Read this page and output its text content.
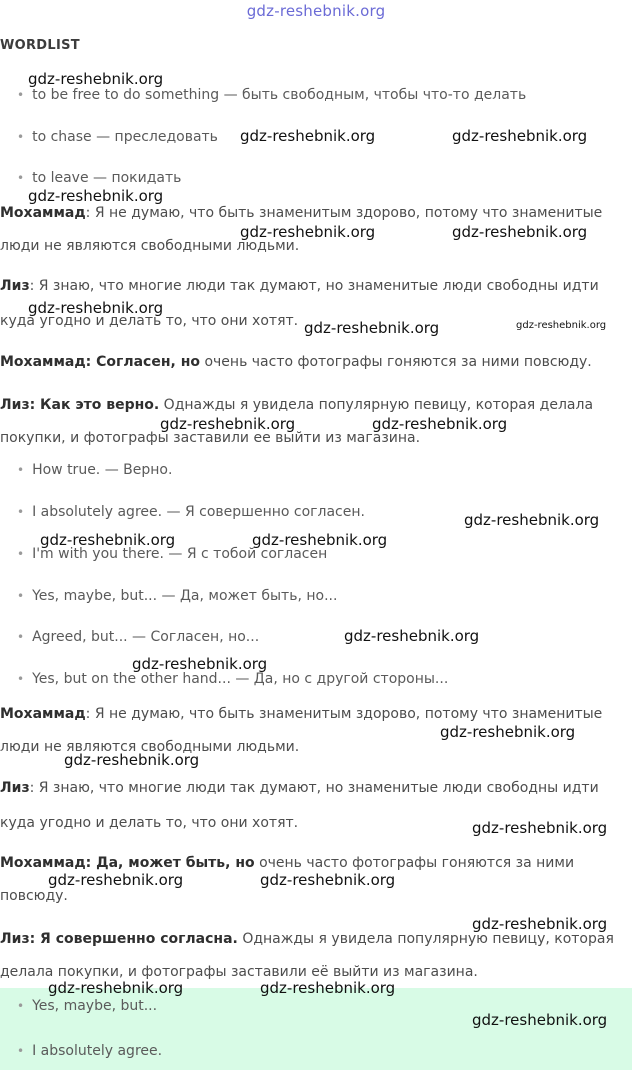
gdz-reshebnik.org
WORDLIST
• to be free to do something — быть свободным, чтобы что-то делать
• to chase — преследовать
• to leave — покидать
Мохаммад: Я не думаю, что быть знаменитым здорово, потому что знаменитые
люди не являются свободными людьми.
Лиз: Я знаю, что многие люди так думают, но знаменитые люди свободны идти
куда угодно и делать то, что они хотят.
Мохаммад: Согласен, но очень часто фотографы гоняются за ними повсюду.
Лиз: Как это верно. Однажды я увидела популярную певицу, которая делала
покупки, и фотографы заставили ее выйти из магазина.
• How true. — Верно.
• I absolutely agree. — Я совершенно согласен.
• I'm with you there. — Я с тобой согласен
• Yes, maybe, but... — Да, может быть, но...
• Agreed, but... — Согласен, но...
• Yes, but on the other hand... — Да, но с другой стороны...
Мохаммад: Я не думаю, что быть знаменитым здорово, потому что знаменитые
люди не являются свободными людьми.
Лиз: Я знаю, что многие люди так думают, но знаменитые люди свободны идти
куда угодно и делать то, что они хотят.
Мохаммад: Да, может быть, но очень часто фотографы гоняются за ними
повсюду.
Лиз: Я совершенно согласна. Однажды я увидела популярную певицу, которая
делала покупки, и фотографы заставили её выйти из магазина.
• Yes, maybe, but...
• I absolutely agree.
gdz-reshebnik.org
gdz-reshebnik.org	gdz-reshebnik.org
gdz-reshebnik.org
gdz-reshebnik.org	gdz-reshebnik.org
gdz-reshebnik.org
gdz-reshebnik.org	gdz-reshebnik.org
gdz-reshebnik.org	gdz-reshebnik.org
gdz-reshebnik.org
gdz-reshebnik.org	gdz-reshebnik.org
gdz-reshebnik.org
gdz-reshebnik.org
gdz-reshebnik.org
gdz-reshebnik.org
gdz-reshebnik.org
gdz-reshebnik.org	gdz-reshebnik.org
gdz-reshebnik.org
gdz-reshebnik.org	gdz-reshebnik.org
gdz-reshebnik.org
